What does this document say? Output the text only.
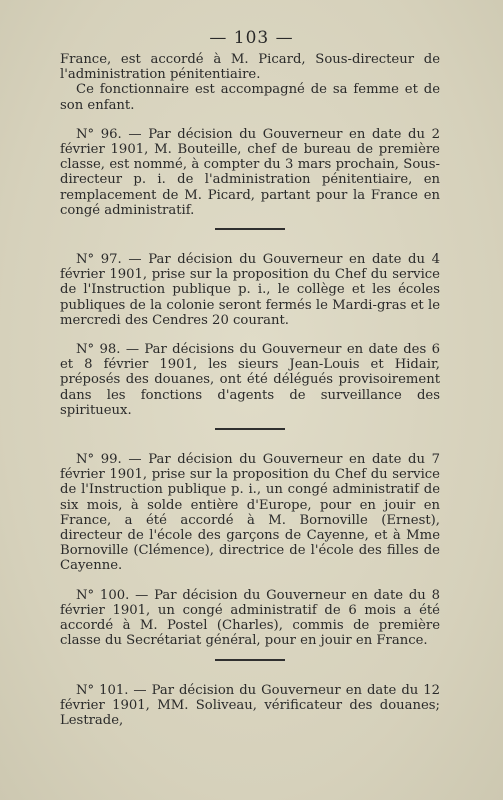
— 103 —

France, est accordé à M. Picard, Sous-directeur de l'administration pénitentiaire.

Ce fonctionnaire est accompagné de sa femme et de son enfant.

N° 96. — Par décision du Gouverneur en date du 2 février 1901, M. Bouteille, chef de bureau de première classe, est nommé, à compter du 3 mars prochain, Sous-directeur p. i. de l'administration pénitentiaire, en remplacement de M. Picard, partant pour la France en congé administratif.

N° 97. — Par décision du Gouverneur en date du 4 février 1901, prise sur la proposition du Chef du service de l'Instruction publique p. i., le collège et les écoles publiques de la colonie seront fermés le Mardi-gras et le mercredi des Cendres 20 courant.

N° 98. — Par décisions du Gouverneur en date des 6 et 8 février 1901, les sieurs Jean-Louis et Hidair, préposés des douanes, ont été délégués provisoirement dans les fonctions d'agents de surveillance des spiritueux.

N° 99. — Par décision du Gouverneur en date du 7 février 1901, prise sur la proposition du Chef du service de l'Instruction publique p. i., un congé administratif de six mois, à solde entière d'Europe, pour en jouir en France, a été accordé à M. Bornoville (Ernest), directeur de l'école des garçons de Cayenne, et à Mme Bornoville (Clémence), directrice de l'école des filles de Cayenne.

N° 100. — Par décision du Gouverneur en date du 8 février 1901, un congé administratif de 6 mois a été accordé à M. Postel (Charles), commis de première classe du Secrétariat général, pour en jouir en France.

N° 101. — Par décision du Gouverneur en date du 12 février 1901, MM. Soliveau, vérificateur des douanes; Lestrade,
